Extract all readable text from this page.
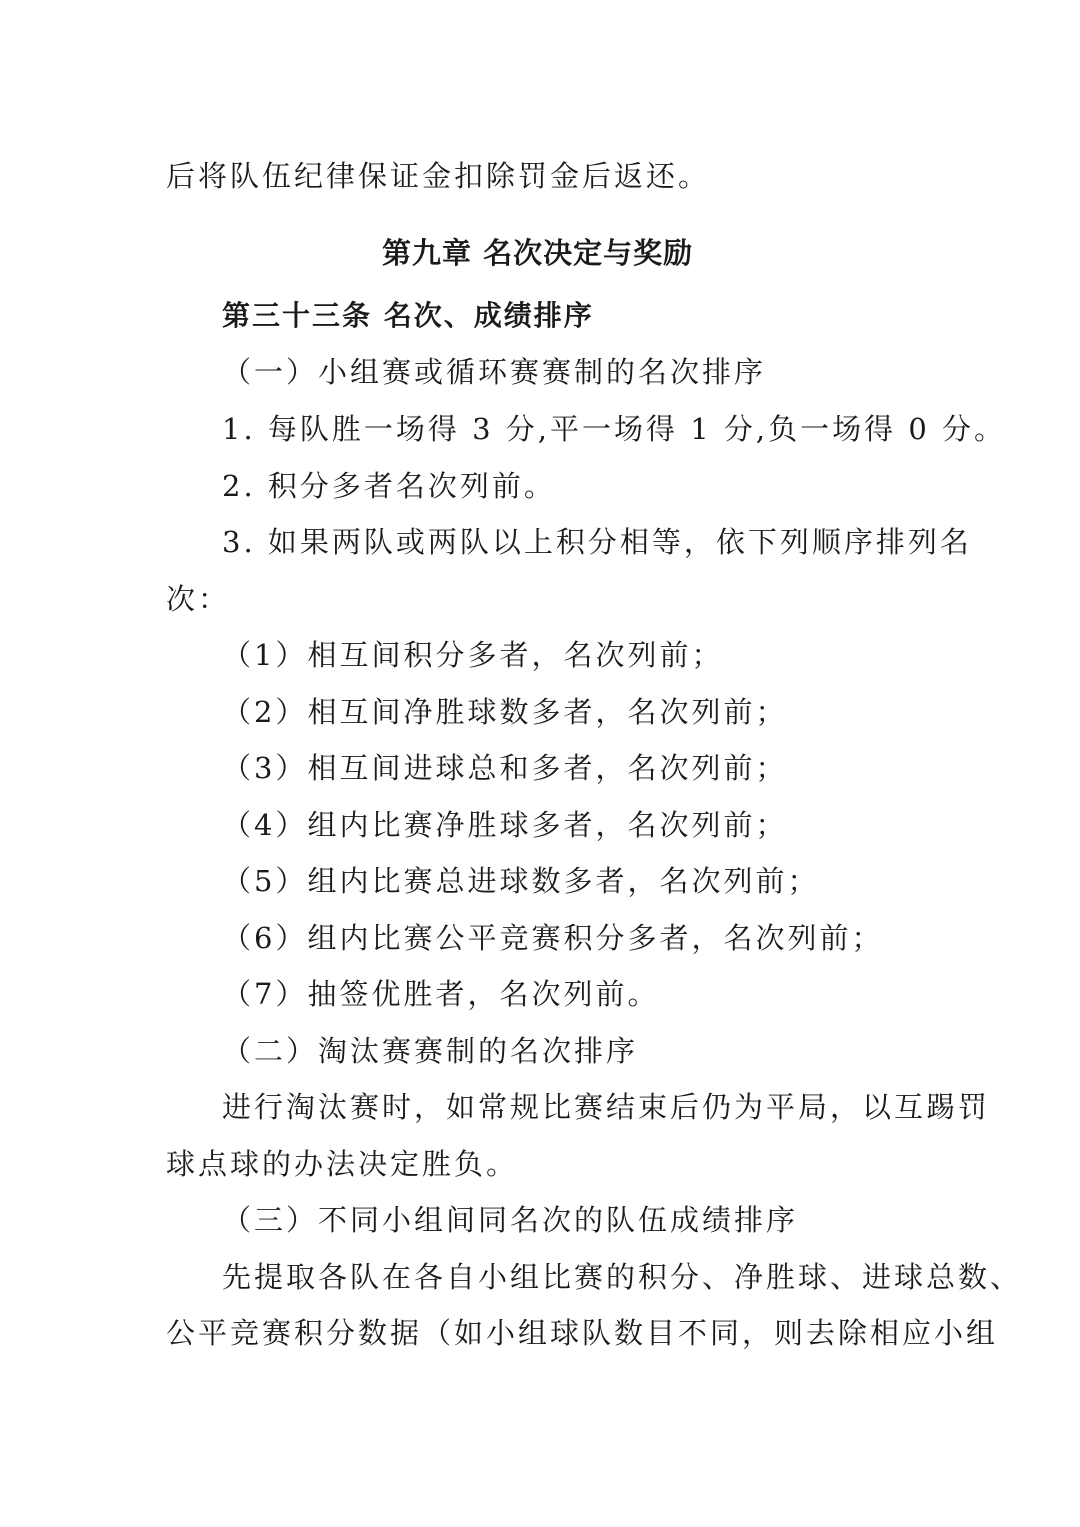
后将队伍纪律保证金扣除罚金后返还。
第九章 名次决定与奖励
第三十三条 名次、成绩排序
（一）小组赛或循环赛赛制的名次排序
1. 每队胜一场得 3 分,平一场得 1 分,负一场得 0 分。
2. 积分多者名次列前。
3. 如果两队或两队以上积分相等，依下列顺序排列名
次：
（1）相互间积分多者，名次列前；
（2）相互间净胜球数多者，名次列前；
（3）相互间进球总和多者，名次列前；
（4）组内比赛净胜球多者，名次列前；
（5）组内比赛总进球数多者，名次列前；
（6）组内比赛公平竞赛积分多者，名次列前；
（7）抽签优胜者，名次列前。
（二）淘汰赛赛制的名次排序
进行淘汰赛时，如常规比赛结束后仍为平局，以互踢罚
球点球的办法决定胜负。
（三）不同小组间同名次的队伍成绩排序
先提取各队在各自小组比赛的积分、净胜球、进球总数、
公平竞赛积分数据（如小组球队数目不同，则去除相应小组
